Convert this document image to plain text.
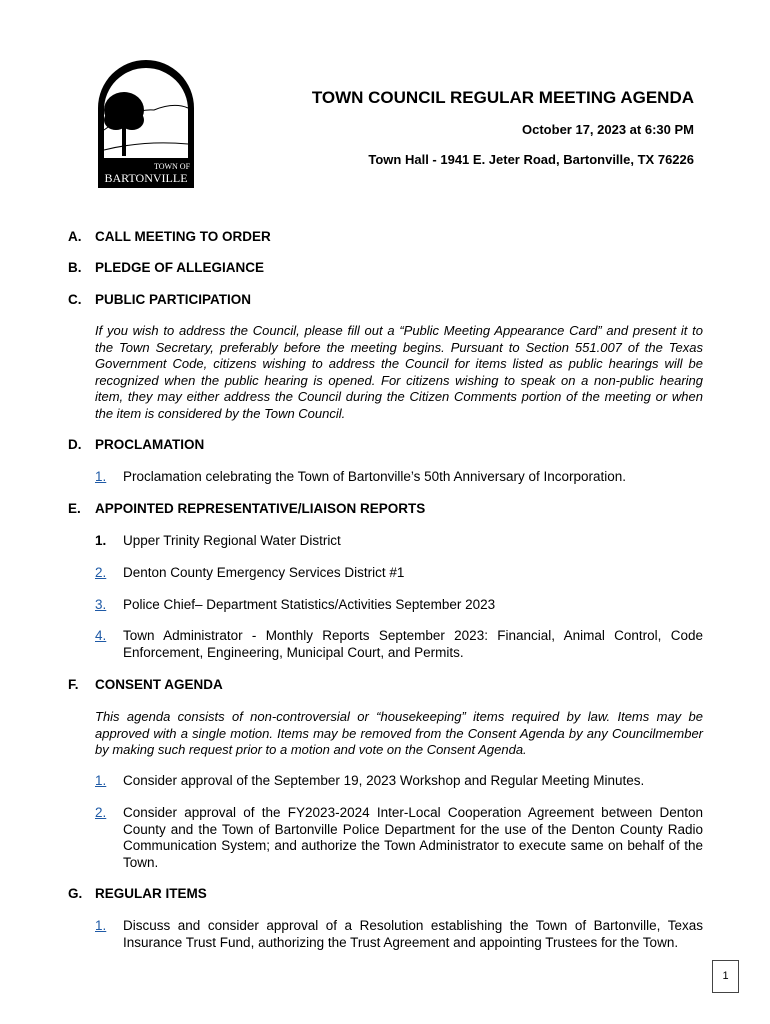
TOWN OF
BARTONVILLE
TOWN COUNCIL REGULAR MEETING AGENDA
October 17, 2023 at 6:30 PM
Town Hall - 1941 E. Jeter Road, Bartonville, TX 76226
A. CALL MEETING TO ORDER
B. PLEDGE OF ALLEGIANCE
C. PUBLIC PARTICIPATION
If you wish to address the Council, please fill out a “Public Meeting Appearance Card” and present it to the Town Secretary, preferably before the meeting begins. Pursuant to Section 551.007 of the Texas Government Code, citizens wishing to address the Council for items listed as public hearings will be recognized when the public hearing is opened. For citizens wishing to speak on a non-public hearing item, they may either address the Council during the Citizen Comments portion of the meeting or when the item is considered by the Town Council.
D. PROCLAMATION
1.	Proclamation celebrating the Town of Bartonville’s 50th Anniversary of Incorporation.
E. APPOINTED REPRESENTATIVE/LIAISON REPORTS
1.	Upper Trinity Regional Water District
2.	Denton County Emergency Services District #1
3.	Police Chief– Department Statistics/Activities September 2023
4.	Town Administrator - Monthly Reports September 2023: Financial, Animal Control, Code Enforcement, Engineering, Municipal Court, and Permits.
F. CONSENT AGENDA
This agenda consists of non-controversial or “housekeeping” items required by law. Items may be approved with a single motion. Items may be removed from the Consent Agenda by any Councilmember by making such request prior to a motion and vote on the Consent Agenda.
1.	Consider approval of the September 19, 2023 Workshop and Regular Meeting Minutes.
2.	Consider approval of the FY2023-2024 Inter-Local Cooperation Agreement between Denton County and the Town of Bartonville Police Department for the use of the Denton County Radio Communication System; and authorize the Town Administrator to execute same on behalf of the Town.
G. REGULAR ITEMS
1.	Discuss and consider approval of a Resolution establishing the Town of Bartonville, Texas Insurance Trust Fund, authorizing the Trust Agreement and appointing Trustees for the Town.
1
